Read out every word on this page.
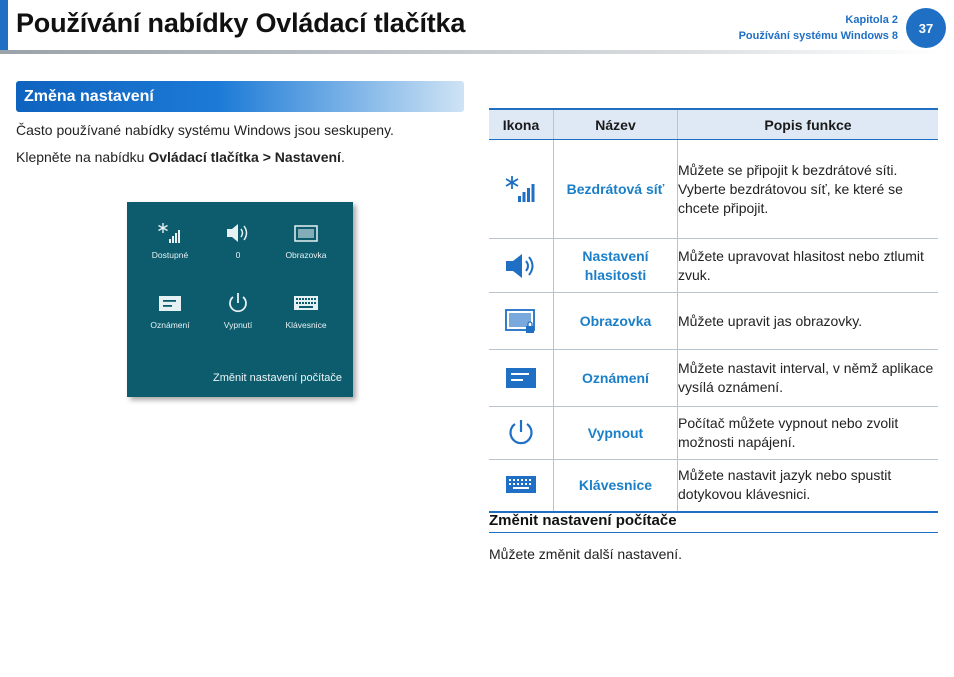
Používání nabídky Ovládací tlačítka	Kapitola 2
Používání systému Windows 8
37
Změna nastavení

Často používané nabídky systému Windows jsou seskupeny.

Klepněte na nabídku Ovládací tlačítka > Nastavení.

Dostupné	0	Obrazovka
Oznámení	Vypnutí	Klávesnice
Změnit nastavení počítače
Ikona	Název	Popis funkce

	Bezdrátová síť	Můžete se připojit k bezdrátové síti. Vyberte bezdrátovou síť, ke které se chcete připojit.

	Nastavení hlasitosti	Můžete upravovat hlasitost nebo ztlumit zvuk.

	Obrazovka	Můžete upravit jas obrazovky.

	Oznámení	Můžete nastavit interval, v němž aplikace vysílá oznámení.

	Vypnout	Počítač můžete vypnout nebo zvolit možnosti napájení.

	Klávesnice	Můžete nastavit jazyk nebo spustit dotykovou klávesnici.
Změnit nastavení počítače

Můžete změnit další nastavení.
